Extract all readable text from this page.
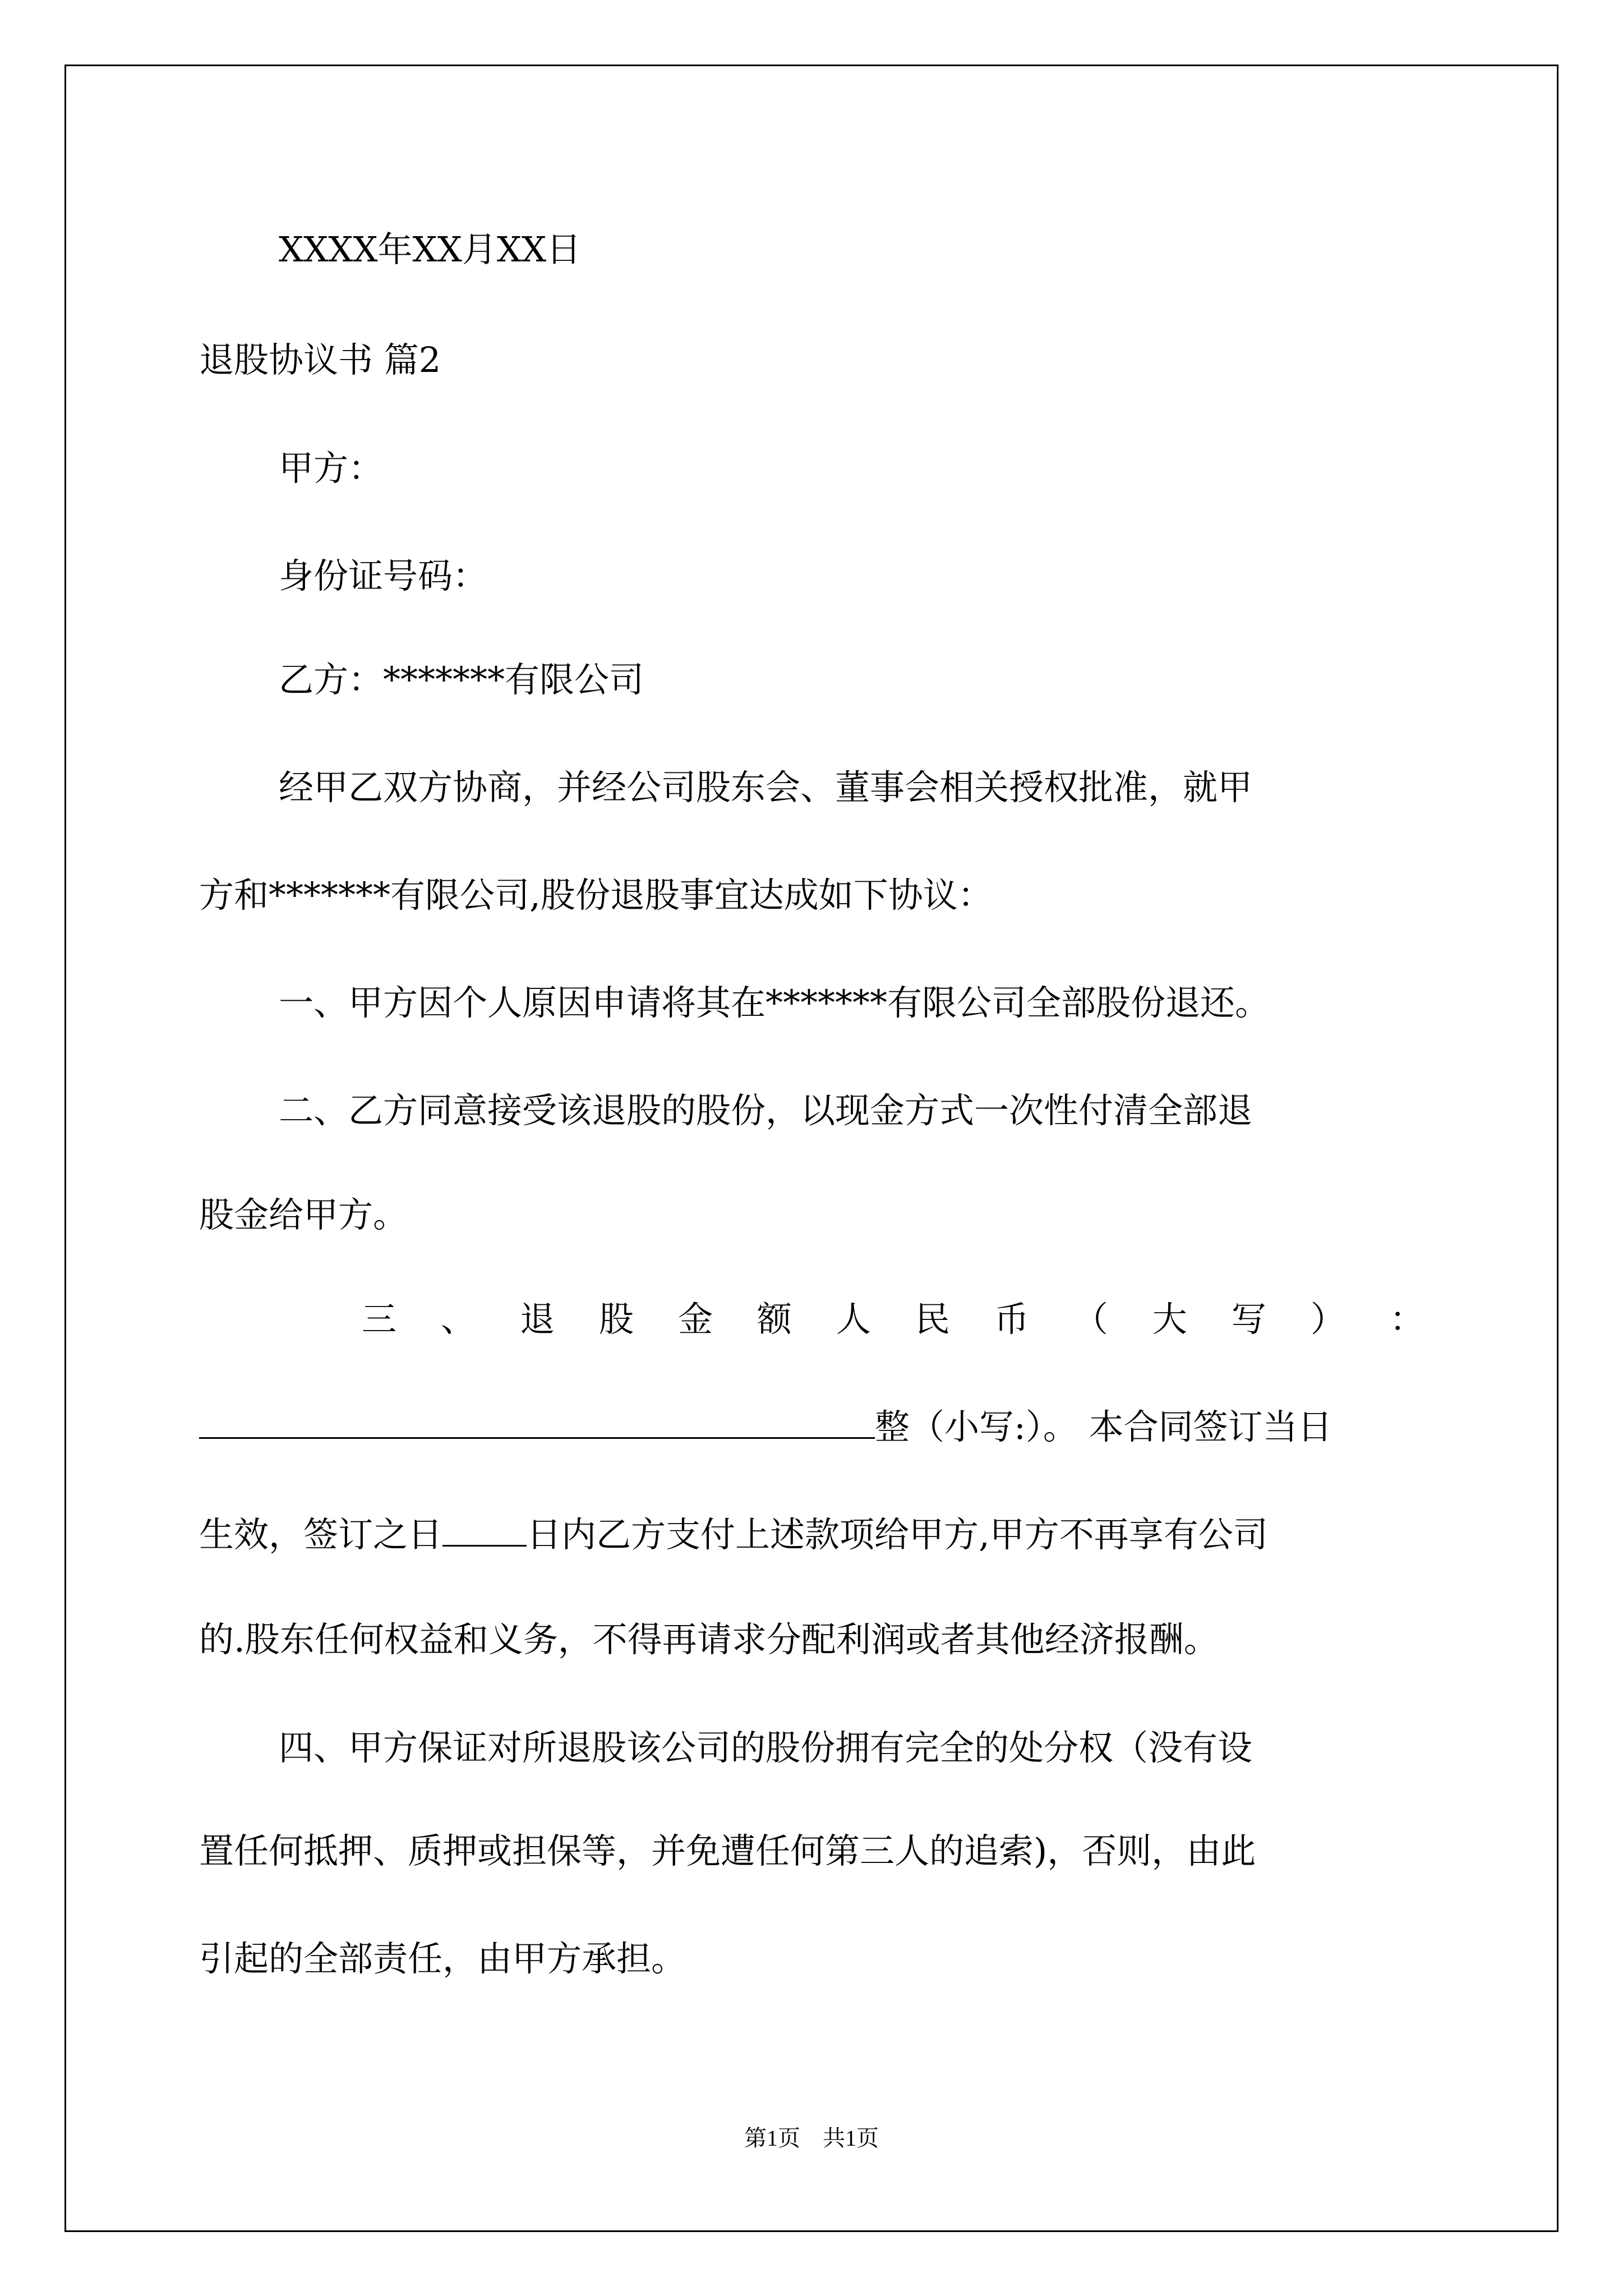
XXXX年XX月XX日

退股协议书 篇2

甲方：

身份证号码：

乙方：*******有限公司

经甲乙双方协商，并经公司股东会、董事会相关授权批准，就甲

方和*******有限公司,股份退股事宜达成如下协议：

一、甲方因个人原因申请将其在*******有限公司全部股份退还。

二、乙方同意接受该退股的股份，以现金方式一次性付清全部退

股金给甲方。

三 、 退 股 金 额 人 民 币 （ 大 写 ） ：

整（小写:）。 本合同签订当日

生效，签订之日 日内乙方支付上述款项给甲方,甲方不再享有公司

的.股东任何权益和义务，不得再请求分配利润或者其他经济报酬。

四、甲方保证对所退股该公司的股份拥有完全的处分权（没有设

置任何抵押、质押或担保等，并免遭任何第三人的追索)，否则，由此

引起的全部责任，由甲方承担。

第1页　共1页
